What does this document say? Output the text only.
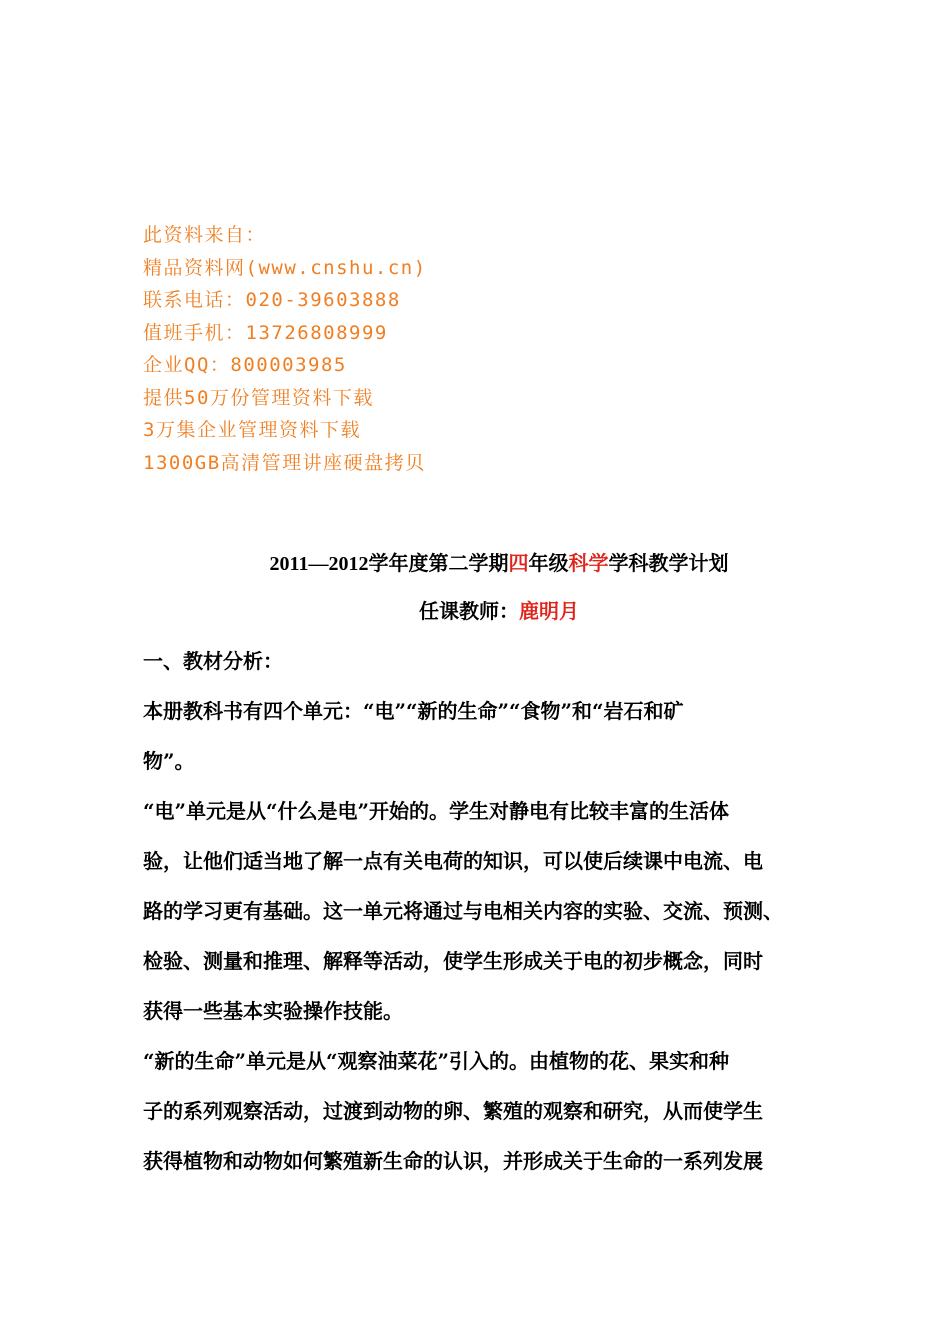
此资料来自：
精品资料网(www.cnshu.cn)
联系电话：020-39603888
值班手机：13726808999
企业QQ：800003985
提供50万份管理资料下载
3万集企业管理资料下载
1300GB高清管理讲座硬盘拷贝
2011—2012学年度第二学期四年级科学学科教学计划
任课教师：鹿明月
一、教材分析：

本册教科书有四个单元：“电”“新的生命”“食物”和“岩石和矿
物”。

“电”单元是从“什么是电”开始的。学生对静电有比较丰富的生活体
验，让他们适当地了解一点有关电荷的知识，可以使后续课中电流、电
路的学习更有基础。这一单元将通过与电相关内容的实验、交流、预测、
检验、测量和推理、解释等活动，使学生形成关于电的初步概念，同时
获得一些基本实验操作技能。

“新的生命”单元是从“观察油菜花”引入的。由植物的花、果实和种
子的系列观察活动，过渡到动物的卵、繁殖的观察和研究，从而使学生
获得植物和动物如何繁殖新生命的认识，并形成关于生命的一系列发展
